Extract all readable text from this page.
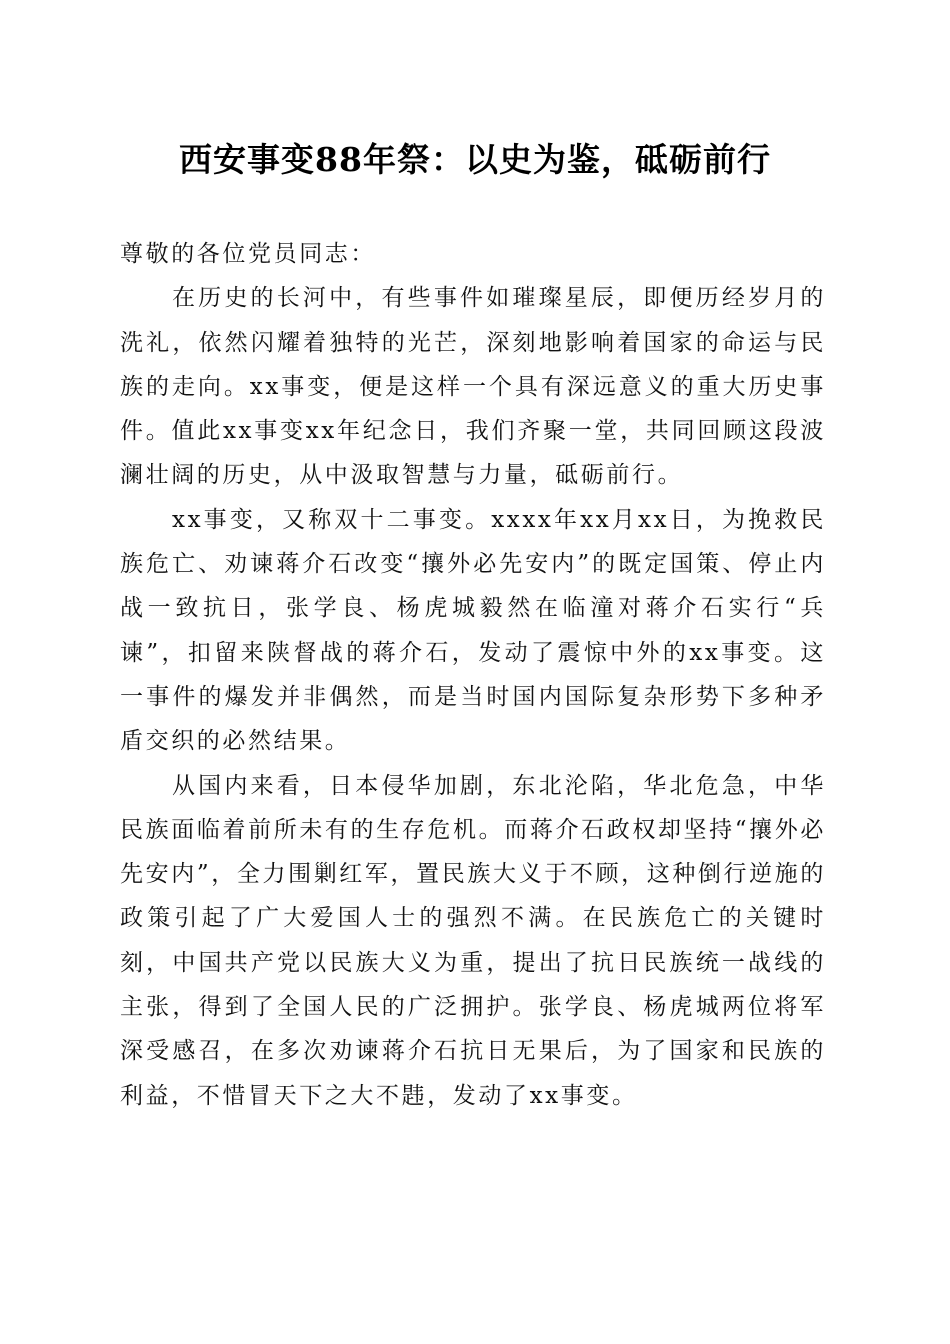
西安事变88年祭：以史为鉴，砥砺前行

尊敬的各位党员同志：

在历史的长河中，有些事件如璀璨星辰，即便历经岁月的洗礼，依然闪耀着独特的光芒，深刻地影响着国家的命运与民族的走向。xx事变，便是这样一个具有深远意义的重大历史事件。值此xx事变xx年纪念日，我们齐聚一堂，共同回顾这段波澜壮阔的历史，从中汲取智慧与力量，砥砺前行。

xx事变，又称双十二事变。xxxx年xx月xx日，为挽救民族危亡、劝谏蒋介石改变“攘外必先安内”的既定国策、停止内战一致抗日，张学良、杨虎城毅然在临潼对蒋介石实行“兵谏”，扣留来陕督战的蒋介石，发动了震惊中外的xx事变。这一事件的爆发并非偶然，而是当时国内国际复杂形势下多种矛盾交织的必然结果。

从国内来看，日本侵华加剧，东北沦陷，华北危急，中华民族面临着前所未有的生存危机。而蒋介石政权却坚持“攘外必先安内”，全力围剿红军，置民族大义于不顾，这种倒行逆施的政策引起了广大爱国人士的强烈不满。在民族危亡的关键时刻，中国共产党以民族大义为重，提出了抗日民族统一战线的主张，得到了全国人民的广泛拥护。张学良、杨虎城两位将军深受感召，在多次劝谏蒋介石抗日无果后，为了国家和民族的利益，不惜冒天下之大不韪，发动了xx事变。
